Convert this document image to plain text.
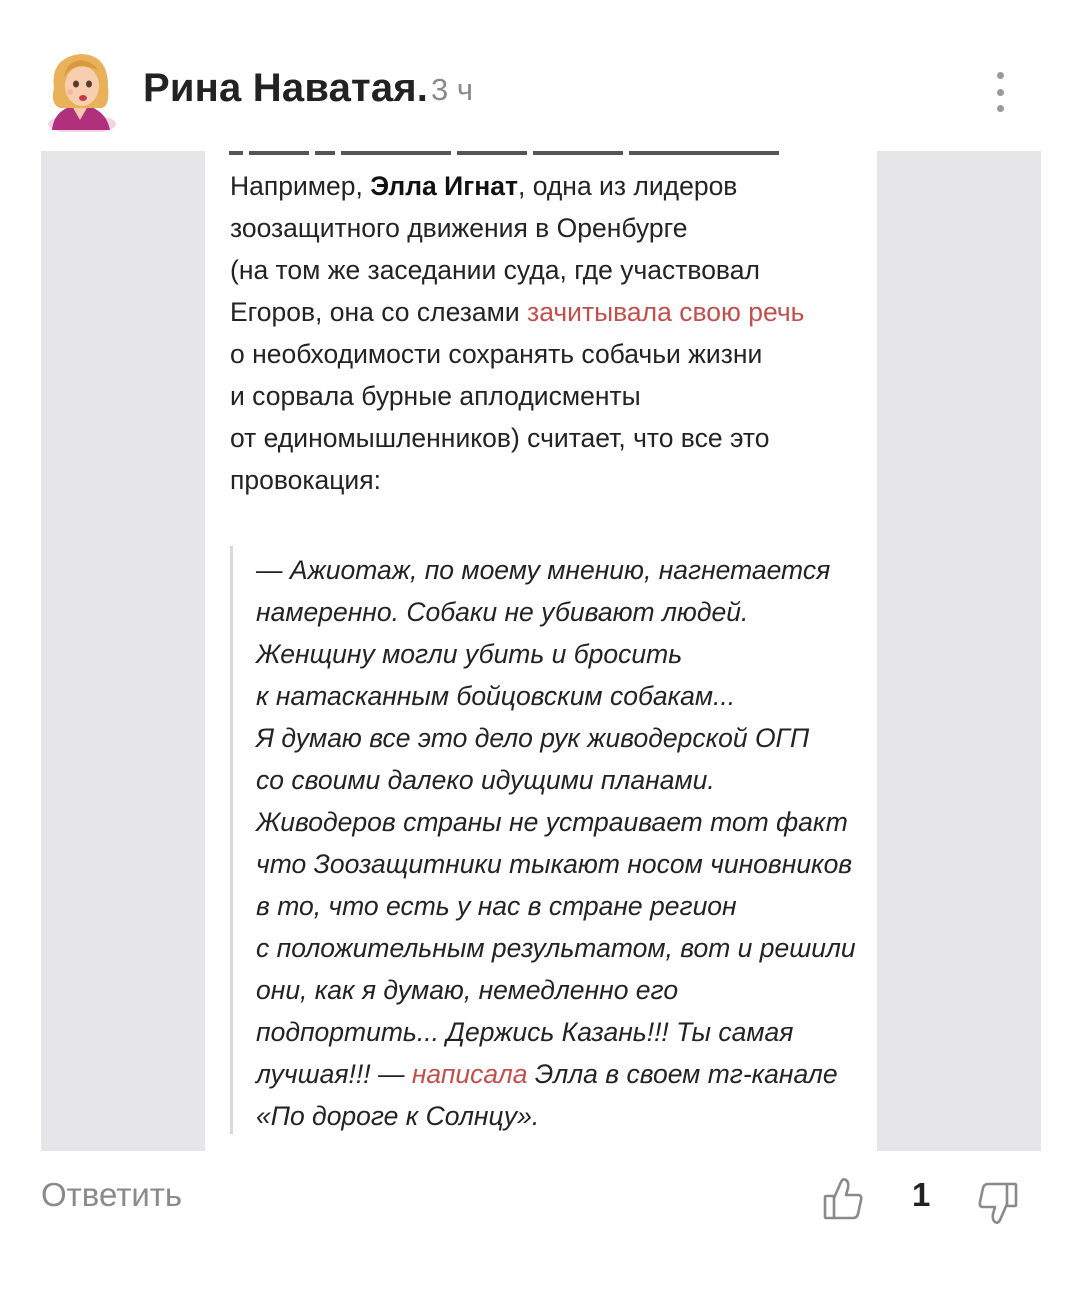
Рина Наватая. 3 ч
Например, Элла Игнат, одна из лидеров
зоозащитного движения в Оренбурге
(на том же заседании суда, где участвовал
Егоров, она со слезами зачитывала свою речь
о необходимости сохранять собачьи жизни
и сорвала бурные аплодисменты
от единомышленников) считает, что все это
провокация:
— Ажиотаж, по моему мнению, нагнетается
намеренно. Собаки не убивают людей.
Женщину могли убить и бросить
к натасканным бойцовским собакам...
Я думаю все это дело рук живодерской ОГП
со своими далеко идущими планами.
Живодеров страны не устраивает тот факт
что Зоозащитники тыкают носом чиновников
в то, что есть у нас в стране регион
с положительным результатом, вот и решили
они, как я думаю, немедленно его
подпортить... Держись Казань!!! Ты самая
лучшая!!! — написала Элла в своем тг-канале
«По дороге к Солнцу».
Ответить	1
